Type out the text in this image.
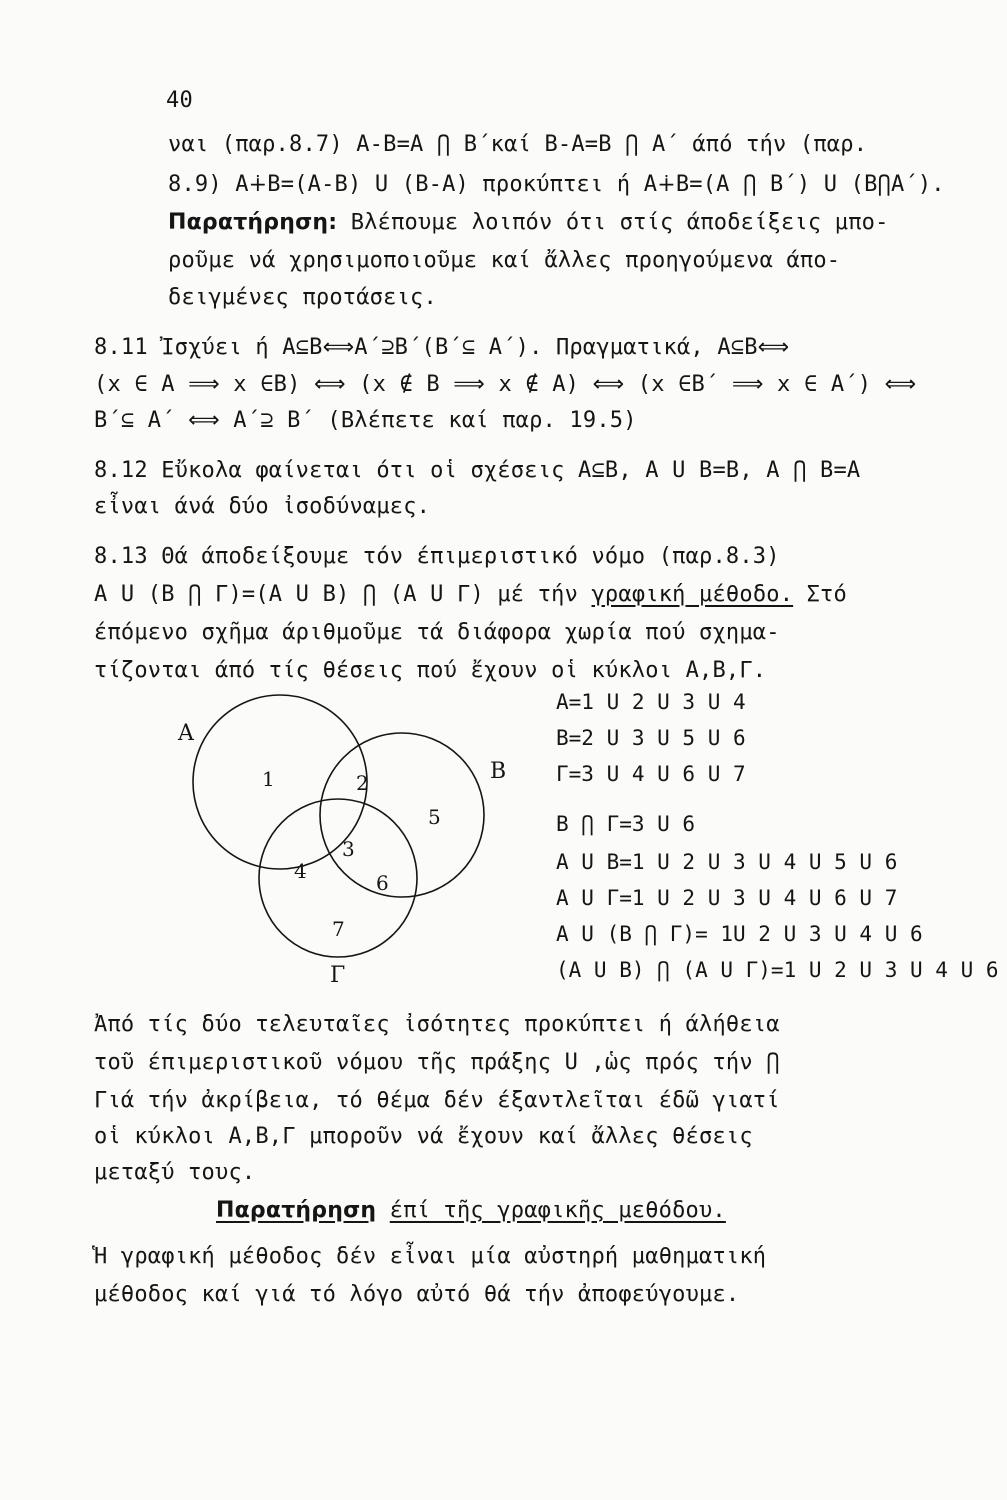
40
ναι (παρ.8.7) A-B=A ⋂ B΄καί B-A=B ⋂ A΄ άπό τήν (παρ.
8.9) A∔B=(A-B) U (B-A) προκύπτει ή A∔B=(A ⋂ B΄) U (B⋂A΄).
Παρατήρηση: Βλέπουμε λοιπόν ότι στίς άποδείξεις μπο-
ροῦμε νά χρησιμοποιοῦμε καί ἄλλες προηγούμενα άπο-
δειγμένες προτάσεις.
8.11 Ἰσχύει ή A⊆B⟺A΄⊇B΄(B΄⊆ A΄). Πραγματικά, A⊆B⟺
(x ∈ A ⟹ x ∈B) ⟺ (x ∉ B ⟹ x ∉ A) ⟺ (x ∈B΄ ⟹ x ∈ A΄) ⟺
B΄⊆ A΄ ⟺ A΄⊇ B΄ (Βλέπετε καί παρ. 19.5)
8.12 Εὔκολα φαίνεται ότι οἱ σχέσεις A⊆B, A U B=B, A ⋂ B=A
εἶναι άνά δύο ἰσοδύναμες.
8.13 Θά άποδείξουμε τόν έπιμεριστικό νόμο (παρ.8.3)
A U (B ⋂ Γ)=(A U B) ⋂ (A U Γ) μέ τήν γραφική μέθοδο. Στό
έπόμενο σχῆμα άριθμοῦμε τά διάφορα χωρία πού σχημα-
τίζονται άπό τίς θέσεις πού ἔχουν οἱ κύκλοι A,B,Γ.
A
B
Γ
1	2
3
4
5
6
7
A=1 U 2 U 3 U 4
B=2 U 3 U 5 U 6
Γ=3 U 4 U 6 U 7
B ⋂ Γ=3 U 6
A U B=1 U 2 U 3 U 4 U 5 U 6
A U Γ=1 U 2 U 3 U 4 U 6 U 7
A U (B ⋂ Γ)= 1U 2 U 3 U 4 U 6
(A U B) ⋂ (A U Γ)=1 U 2 U 3 U 4 U 6
Ἀπό τίς δύο τελευταῖες ἰσότητες προκύπτει ή άλήθεια
τοῦ έπιμεριστικοῦ νόμου τῆς πράξης U ,ὡς πρός τήν ⋂
Γιά τήν ἀκρίβεια, τό θέμα δέν έξαντλεῖται έδῶ γιατί
οἱ κύκλοι A,B,Γ μποροῦν νά ἔχουν καί ἄλλες θέσεις
μεταξύ τους.
Παρατήρηση έπί τῆς γραφικῆς μεθόδου.
Ἡ γραφική μέθοδος δέν εἶναι μία αὐστηρή μαθηματική
μέθοδος καί γιά τό λόγο αὐτό θά τήν ἀποφεύγουμε.
